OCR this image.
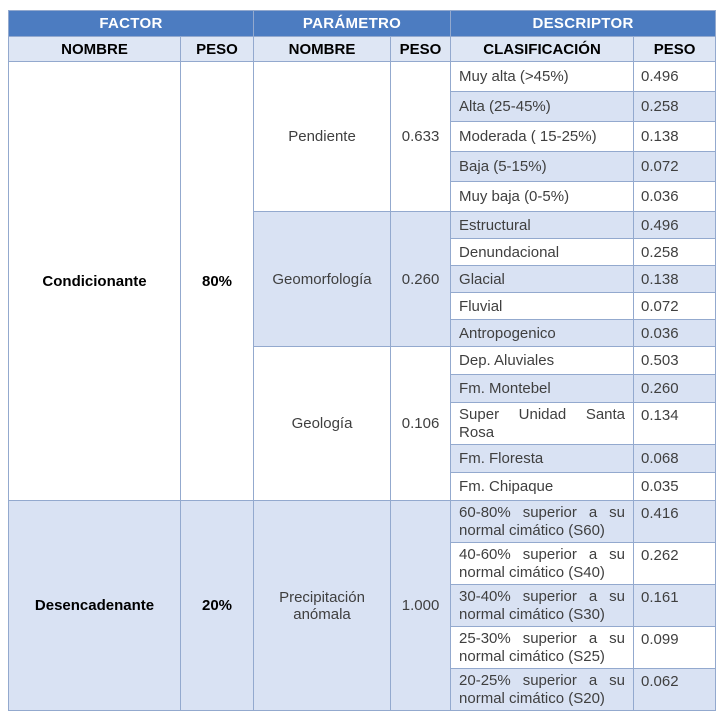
FACTOR		PARÁMETRO		DESCRIPTOR	
NOMBRE	PESO	NOMBRE	PESO	CLASIFICACIÓN	PESO
Condicionante	80%	Pendiente	0.633	Muy alta (>45%)	0.496
				Alta (25-45%)	0.258
				Moderada ( 15-25%)	0.138
				Baja (5-15%)	0.072
				Muy baja (0-5%)	0.036
		Geomorfología	0.260	Estructural	0.496
				Denundacional	0.258
				Glacial	0.138
				Fluvial	0.072
				Antropogenico	0.036
		Geología	0.106	Dep. Aluviales	0.503
				Fm. Montebel	0.260
				Super Unidad Santa Rosa	0.134
				Fm. Floresta	0.068
				Fm. Chipaque	0.035
Desencadenante	20%	Precipitación anómala	1.000	60-80% superior a su normal cimático (S60)	0.416
				40-60% superior a su normal cimático (S40)	0.262
				30-40% superior a su normal cimático (S30)	0.161
				25-30% superior a su normal cimático (S25)	0.099
				20-25% superior a su normal cimático (S20)	0.062
